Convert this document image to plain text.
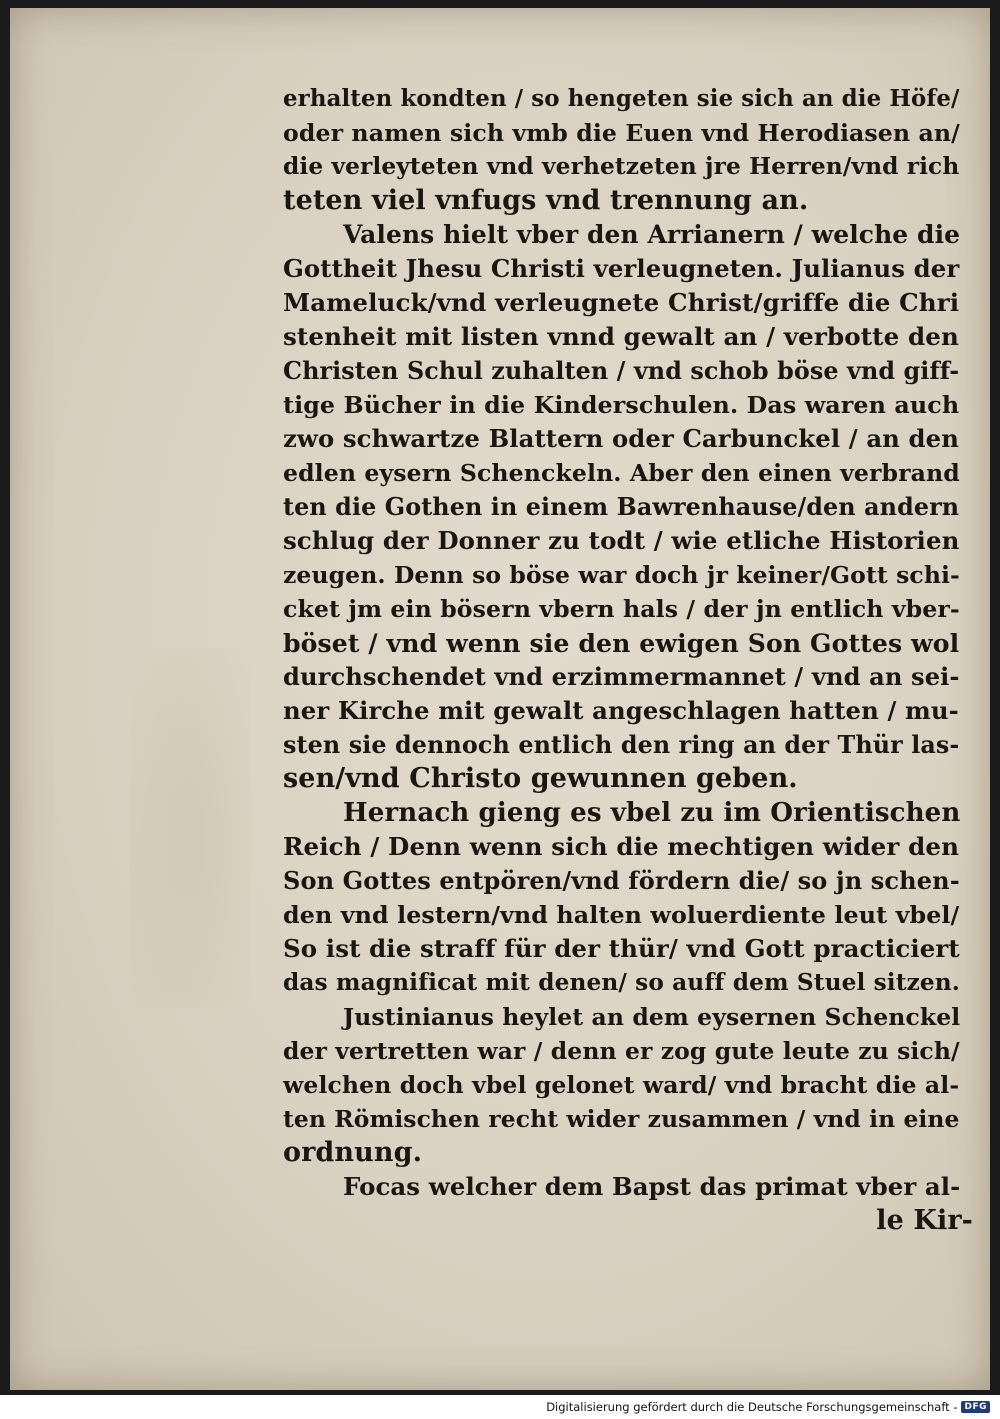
erhalten kondten / so hengeten sie sich an die Höfe/
oder namen sich vmb die Euen vnd Herodiasen an/
die verleyteten vnd verhetzeten jre Herren/vnd rich
teten viel vnfugs vnd trennung an.
Valens hielt vber den Arrianern / welche die
Gottheit Jhesu Christi verleugneten. Julianus der
Mameluck/vnd verleugnete Christ/griffe die Chri
stenheit mit listen vnnd gewalt an / verbotte den
Christen Schul zuhalten / vnd schob böse vnd giff-
tige Bücher in die Kinderschulen. Das waren auch
zwo schwartze Blattern oder Carbunckel / an den
edlen eysern Schenckeln. Aber den einen verbrand
ten die Gothen in einem Bawrenhause/den andern
schlug der Donner zu todt / wie etliche Historien
zeugen. Denn so böse war doch jr keiner/Gott schi-
cket jm ein bösern vbern hals / der jn entlich vber-
böset / vnd wenn sie den ewigen Son Gottes wol
durchschendet vnd erzimmermannet / vnd an sei-
ner Kirche mit gewalt angeschlagen hatten / mu-
sten sie dennoch entlich den ring an der Thür las-
sen/vnd Christo gewunnen geben.
Hernach gieng es vbel zu im Orientischen
Reich / Denn wenn sich die mechtigen wider den
Son Gottes entpören/vnd fördern die/ so jn schen-
den vnd lestern/vnd halten woluerdiente leut vbel/
So ist die straff für der thür/ vnd Gott practiciert
das magnificat mit denen/ so auff dem Stuel sitzen.
Justinianus heylet an dem eysernen Schenckel
der vertretten war / denn er zog gute leute zu sich/
welchen doch vbel gelonet ward/ vnd bracht die al-
ten Römischen recht wider zusammen / vnd in eine
ordnung.
Focas welcher dem Bapst das primat vber al-
le Kir-
Digitalisierung gefördert durch die Deutsche Forschungsgemeinschaft - DFG
